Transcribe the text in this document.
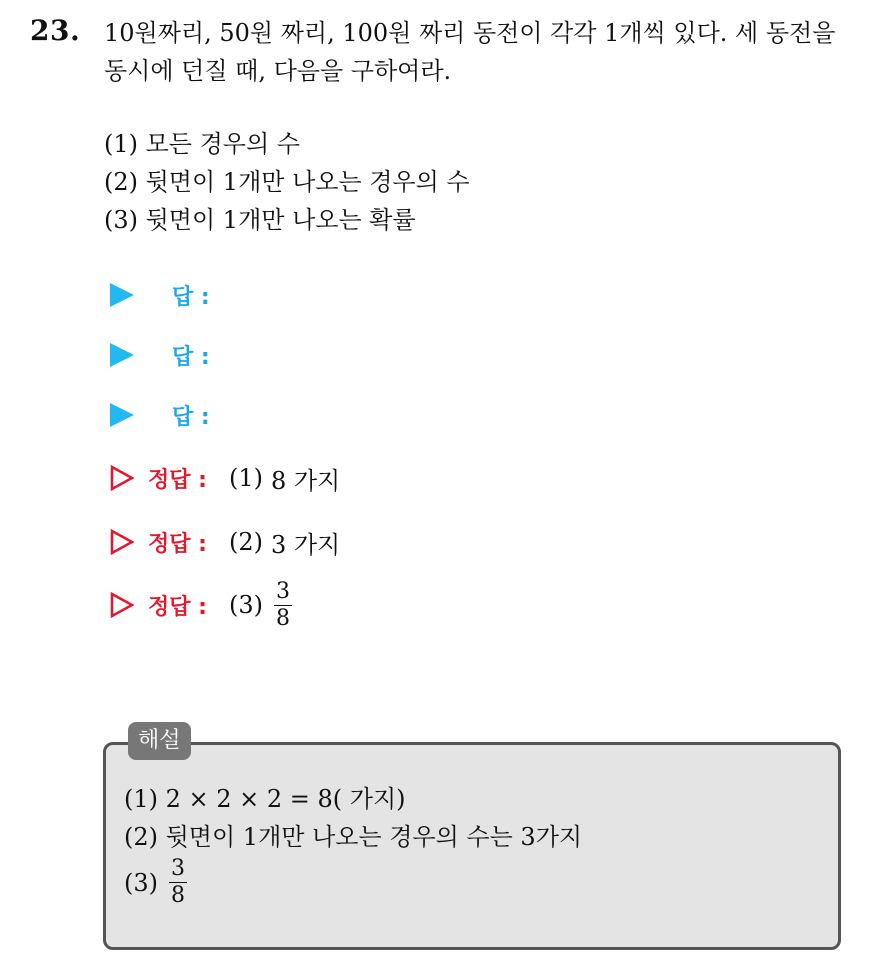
23. 10원짜리, 50원 짜리, 100원 짜리 동전이 각각 1개씩 있다. 세 동전을
동시에 던질 때, 다음을 구하여라.
(1) 모든 경우의 수
(2) 뒷면이 1개만 나오는 경우의 수
(3) 뒷면이 1개만 나오는 확률
답 :
답 :
답 :
정답 : (1) 8 가지
정답 : (2) 3 가지
정답 : $(3) \frac{3}{8}$
해설
(1) 2 × 2 × 2 = 8( 가지)
(2) 뒷면이 1개만 나오는 경우의 수는 3가지
$(3) \frac{3}{8}$
